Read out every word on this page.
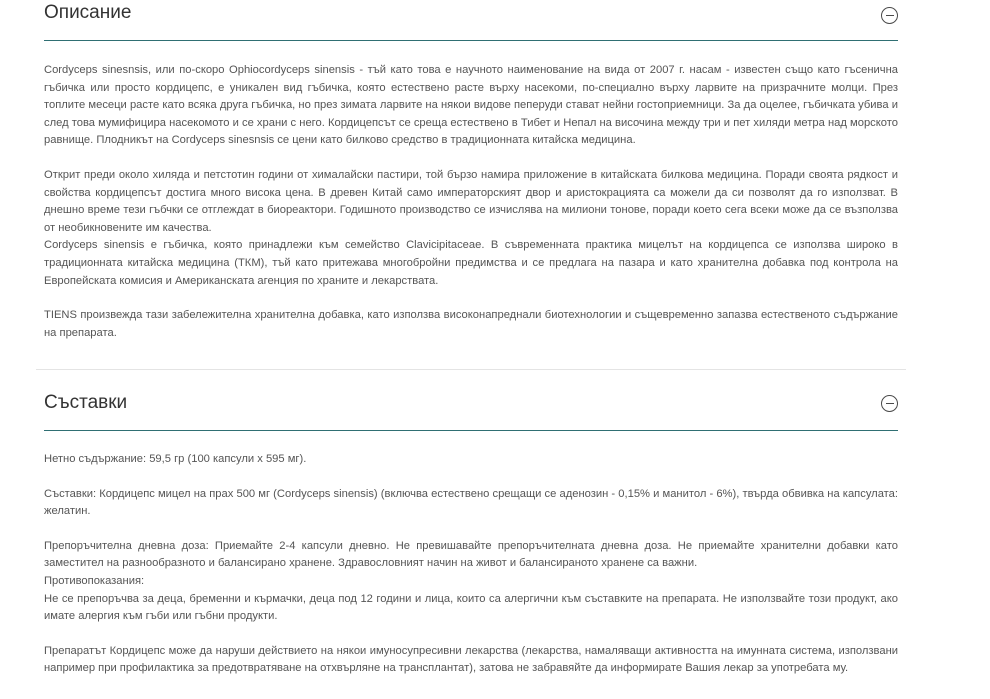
Описание

Cordyceps sinesnsis, или по-скоро Ophiocordyceps sinensis - тъй като това е научното наименование на вида от 2007 г. насам - известен също като гъсенична гъбичка или просто кордицепс, е уникален вид гъбичка, която естествено расте върху насекоми, по-специално върху ларвите на призрачните молци. През топлите месеци расте като всяка друга гъбичка, но през зимата ларвите на някои видове пеперуди стават нейни гостоприемници. За да оцелее, гъбичката убива и след това мумифицира насекомото и се храни с него. Кордицепсът се среща естествено в Тибет и Непал на височина между три и пет хиляди метра над морското равнище. Плодникът на Cordyceps sinesnsis се цени като билково средство в традиционната китайска медицина.

Открит преди около хиляда и петстотин години от хималайски пастири, той бързо намира приложение в китайската билкова медицина. Поради своята рядкост и свойства кордицепсът достига много висока цена. В древен Китай само императорският двор и аристокрацията са можели да си позволят да го използват. В днешно време тези гъбчки се отглеждат в биореактори. Годишното производство се изчислява на милиони тонове, поради което сега всеки може да се възползва от необикновените им качества.

Cordyceps sinensis е гъбичка, която принадлежи към семейство Clavicipitaceae. В съвременната практика мицелът на кордицепса се използва широко в традиционната китайска медицина (ТКМ), тъй като притежава многобройни предимства и се предлага на пазара и като хранителна добавка под контрола на Европейската комисия и Американската агенция по храните и лекарствата.

TIENS произвежда тази забележителна хранителна добавка, като използва високонапреднали биотехнологии и същевременно запазва естественото съдържание на препарата.

Съставки

Нетно съдържание: 59,5 гр (100 капсули х 595 мг).

Съставки: Кордицепс мицел на прах 500 мг (Cordyceps sinensis) (включва естествено срещащи се аденозин - 0,15% и манитол - 6%), твърда обвивка на капсулата: желатин.

Препоръчителна дневна доза: Приемайте 2-4 капсули дневно. Не превишавайте препоръчителната дневна доза. Не приемайте хранителни добавки като заместител на разнообразното и балансирано хранене. Здравословният начин на живот и балансираното хранене са важни.

Противопоказания:

Не се препоръчва за деца, бременни и кърмачки, деца под 12 години и лица, които са алергични към съставките на препарата. Не използвайте този продукт, ако имате алергия към гъби или гъбни продукти.

Препаратът Кордицепс може да наруши действието на някои имуносупресивни лекарства (лекарства, намаляващи активността на имунната система, използвани например при профилактика за предотвратяване на отхвърляне на трансплантат), затова не забравяйте да информирате Вашия лекар за употребата му.
